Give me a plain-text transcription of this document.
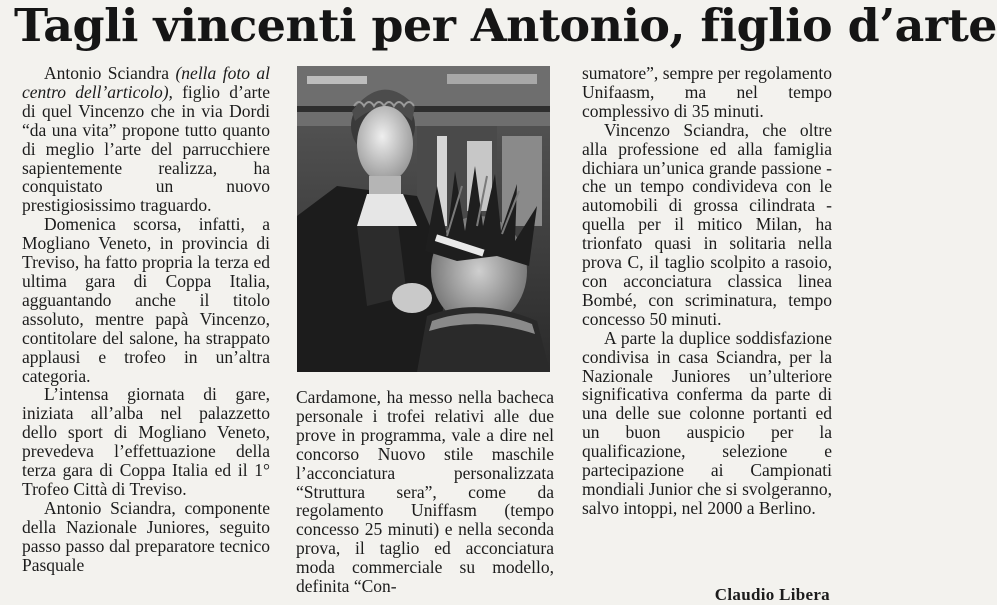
Tagli vincenti per Antonio, figlio d’arte

Antonio Sciandra (nella foto al centro dell’articolo), figlio d’arte di quel Vincenzo che in via Dordi “da una vita” propone tutto quanto di meglio l’arte del parrucchiere sapientemente realizza, ha conquistato un nuovo prestigiosissimo traguardo.

Domenica scorsa, infatti, a Mogliano Veneto, in provincia di Treviso, ha fatto propria la terza ed ultima gara di Coppa Italia, agguantando anche il titolo assoluto, mentre papà Vincenzo, contitolare del salone, ha strappato applausi e trofeo in un’altra categoria.

L’intensa giornata di gare, iniziata all’alba nel palazzetto dello sport di Mogliano Veneto, prevedeva l’effettuazione della terza gara di Coppa Italia ed il 1° Trofeo Città di Treviso.

Antonio Sciandra, componente della Nazionale Juniores, seguito passo passo dal preparatore tecnico Pasquale

Cardamone, ha messo nella bacheca personale i trofei relativi alle due prove in programma, vale a dire nel concorso Nuovo stile maschile l’acconciatura personalizzata “Struttura sera”, come da regolamento Uniffasm (tempo concesso 25 minuti) e nella seconda prova, il taglio ed acconciatura moda commerciale su modello, definita “Con-

sumatore”, sempre per regolamento Unifaasm, ma nel tempo complessivo di 35 minuti.

Vincenzo Sciandra, che oltre alla professione ed alla famiglia dichiara un’unica grande passione - che un tempo condivideva con le automobili di grossa cilindrata - quella per il mitico Milan, ha trionfato quasi in solitaria nella prova C, il taglio scolpito a rasoio, con acconciatura classica linea Bombé, con scriminatura, tempo concesso 50 minuti.

A parte la duplice soddisfazione condivisa in casa Sciandra, per la Nazionale Juniores un’ulteriore significativa conferma da parte di una delle sue colonne portanti ed un buon auspicio per la qualificazione, selezione e partecipazione ai Campionati mondiali Junior che si svolgeranno, salvo intoppi, nel 2000 a Berlino.

Claudio Libera
